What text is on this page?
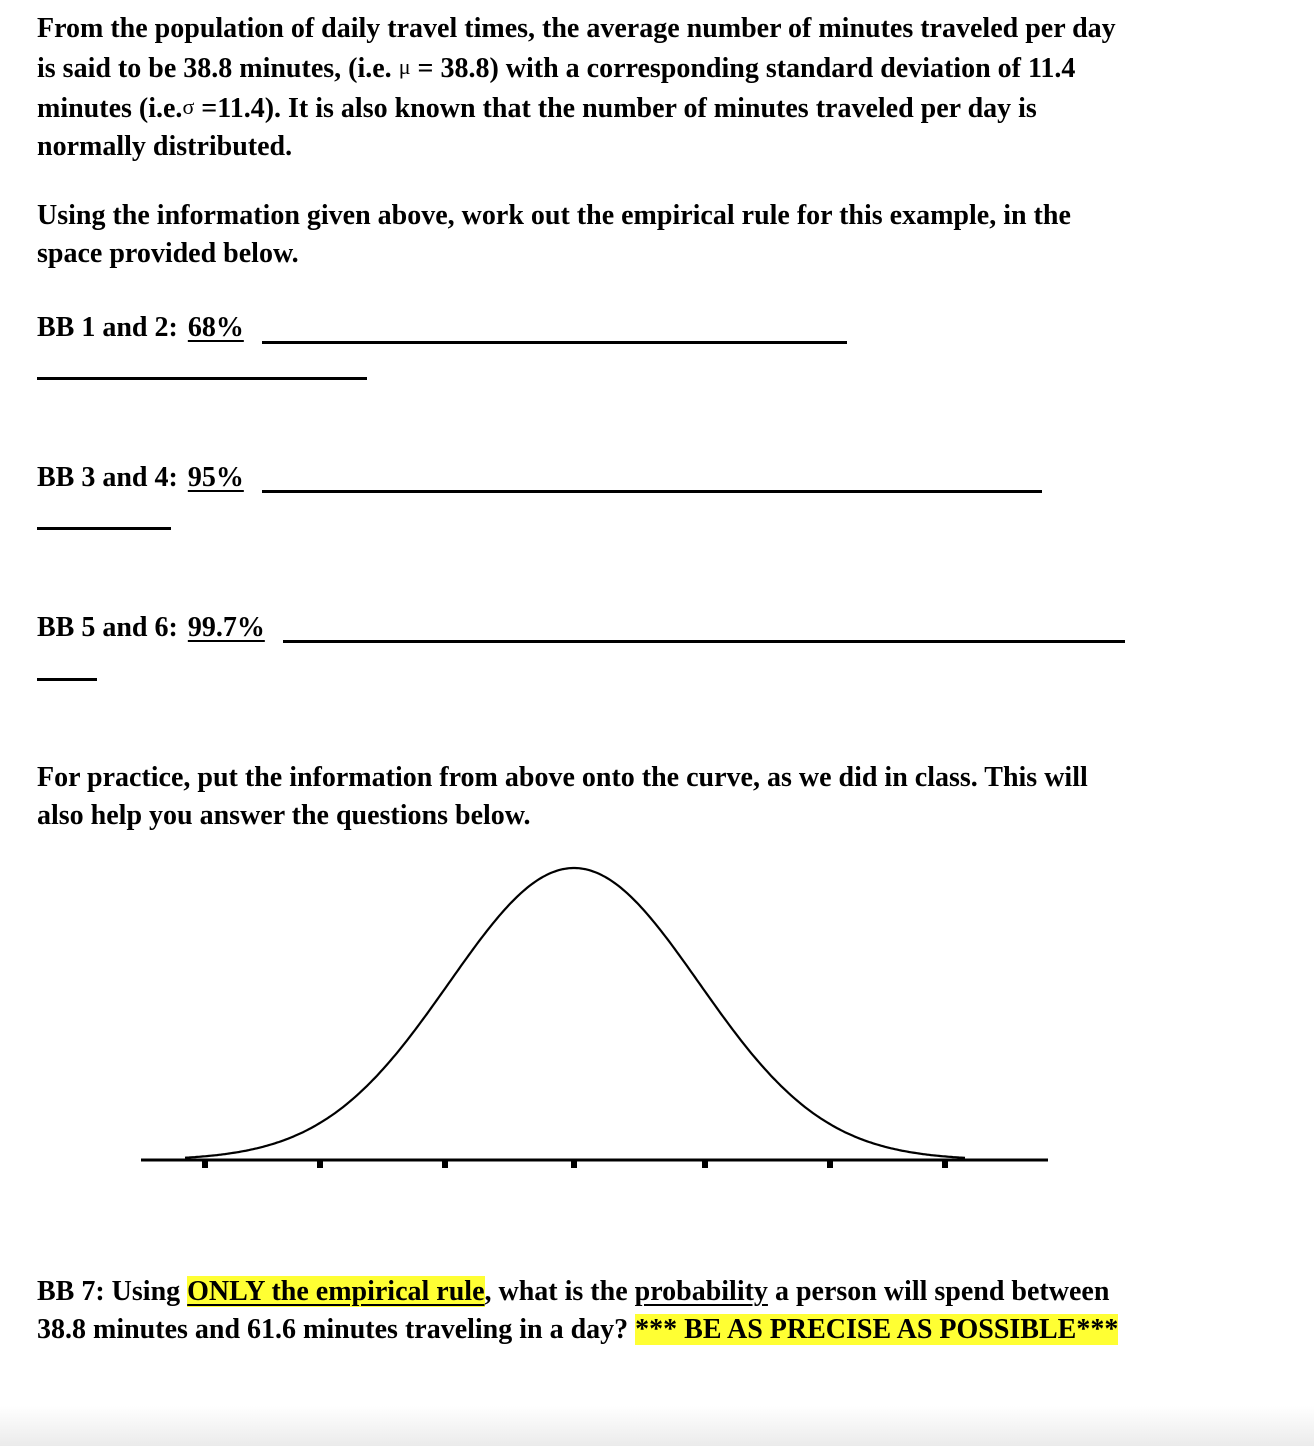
From the population of daily travel times, the average number of minutes traveled per day
is said to be 38.8 minutes, (i.e. μ = 38.8) with a corresponding standard deviation of 11.4
minutes (i.e.σ =11.4). It is also known that the number of minutes traveled per day is
normally distributed.
Using the information given above, work out the empirical rule for this example, in the
space provided below.
BB 1 and 2: 68%
BB 3 and 4: 95%
BB 5 and 6: 99.7%
For practice, put the information from above onto the curve, as we did in class. This will
also help you answer the questions below.
BB 7: Using ONLY the empirical rule, what is the probability a person will spend between
38.8 minutes and 61.6 minutes traveling in a day? *** BE AS PRECISE AS POSSIBLE***
